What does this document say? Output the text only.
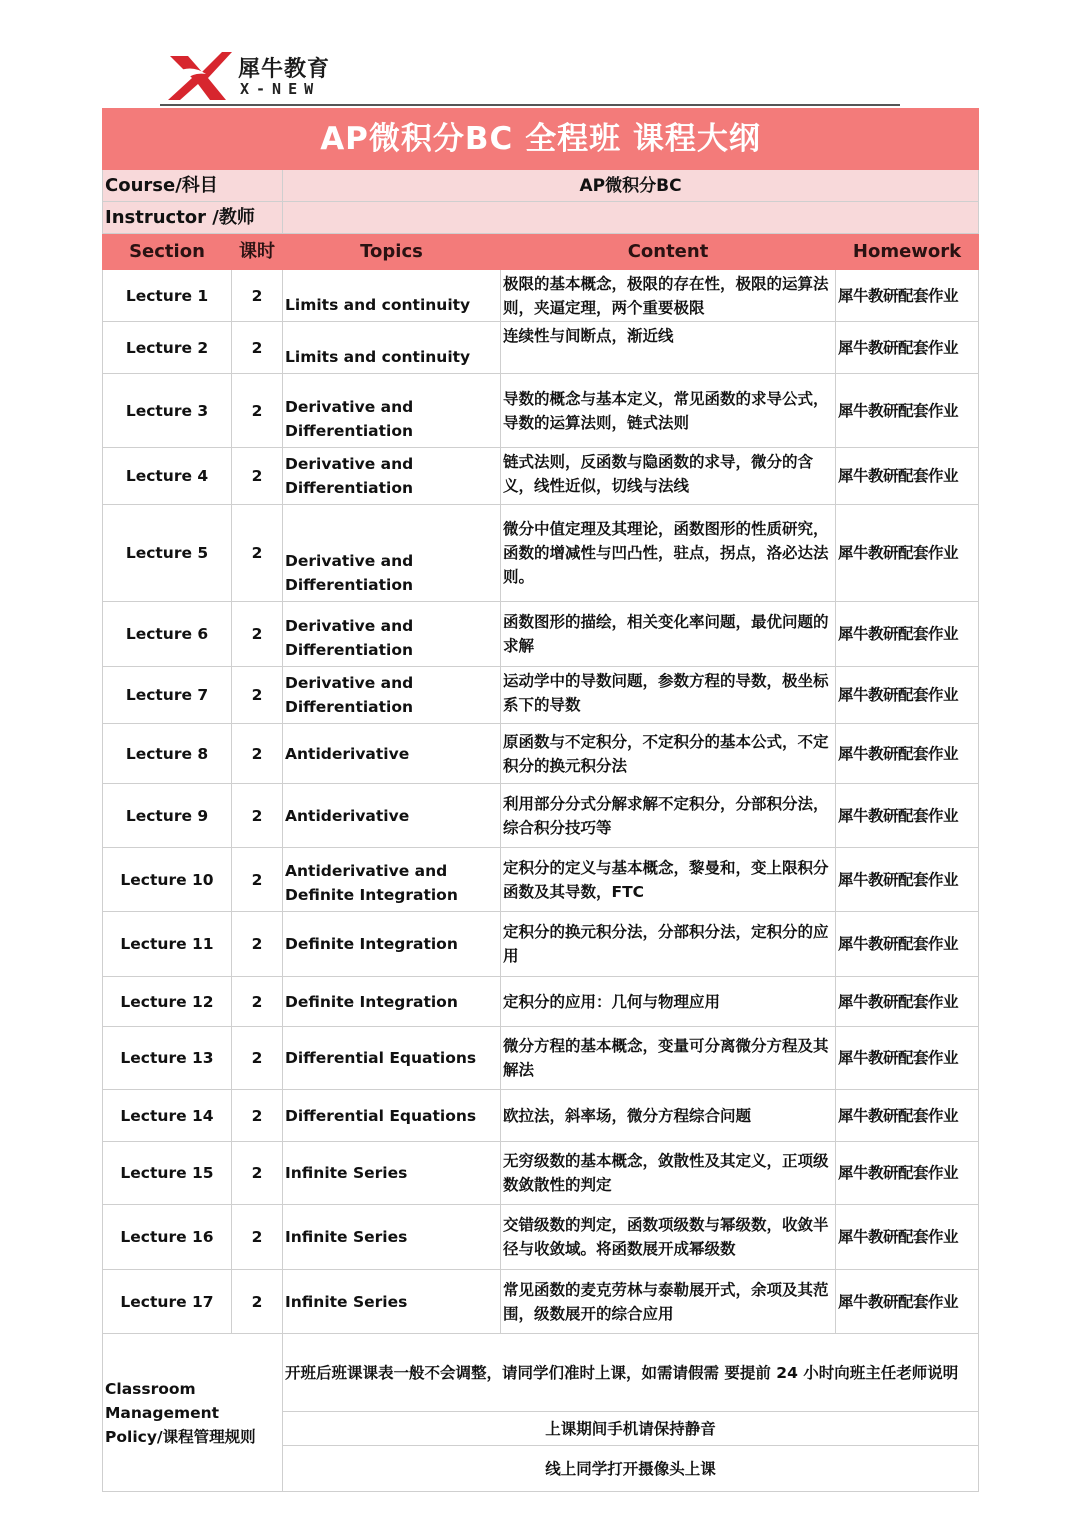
犀牛教育
X-NEW
AP微积分BC 全程班 课程大纲				
Course/科目		AP微积分BC		
Instructor /教师				
Section	课时	Topics	Content	Homework
Lecture 1	2	Limits and continuity	极限的基本概念，极限的存在性，极限的运算法则，夹逼定理，两个重要极限	犀牛教研配套作业
Lecture 2	2	Limits and continuity	连续性与间断点，渐近线	犀牛教研配套作业
Lecture 3	2	Derivative and Differentiation	导数的概念与基本定义，常见函数的求导公式，导数的运算法则，链式法则	犀牛教研配套作业
Lecture 4	2	Derivative and Differentiation	链式法则，反函数与隐函数的求导，微分的含义，线性近似，切线与法线	犀牛教研配套作业
Lecture 5	2	Derivative and Differentiation	微分中值定理及其理论，函数图形的性质研究，函数的增减性与凹凸性，驻点，拐点，洛必达法则。	犀牛教研配套作业
Lecture 6	2	Derivative and Differentiation	函数图形的描绘，相关变化率问题，最优问题的求解	犀牛教研配套作业
Lecture 7	2	Derivative and Differentiation	运动学中的导数问题，参数方程的导数，极坐标系下的导数	犀牛教研配套作业
Lecture 8	2	Antiderivative	原函数与不定积分，不定积分的基本公式，不定积分的换元积分法	犀牛教研配套作业
Lecture 9	2	Antiderivative	利用部分分式分解求解不定积分，分部积分法，综合积分技巧等	犀牛教研配套作业
Lecture 10	2	Antiderivative and Definite Integration	定积分的定义与基本概念，黎曼和，变上限积分函数及其导数，FTC	犀牛教研配套作业
Lecture 11	2	Definite Integration	定积分的换元积分法，分部积分法，定积分的应用	犀牛教研配套作业
Lecture 12	2	Definite Integration	定积分的应用：几何与物理应用	犀牛教研配套作业
Lecture 13	2	Differential Equations	微分方程的基本概念，变量可分离微分方程及其解法	犀牛教研配套作业
Lecture 14	2	Differential Equations	欧拉法，斜率场，微分方程综合问题	犀牛教研配套作业
Lecture 15	2	Infinite Series	无穷级数的基本概念，敛散性及其定义，正项级数敛散性的判定	犀牛教研配套作业
Lecture 16	2	Infinite Series	交错级数的判定，函数项级数与幂级数，收敛半径与收敛域。将函数展开成幂级数	犀牛教研配套作业
Lecture 17	2	Infinite Series	常见函数的麦克劳林与泰勒展开式，余项及其范围，级数展开的综合应用	犀牛教研配套作业
Classroom Management Policy/课程管理规则		开班后班课课表一般不会调整，请同学们准时上课，如需请假需 要提前 24 小时向班主任老师说明		
		上课期间手机请保持静音		
		线上同学打开摄像头上课		
